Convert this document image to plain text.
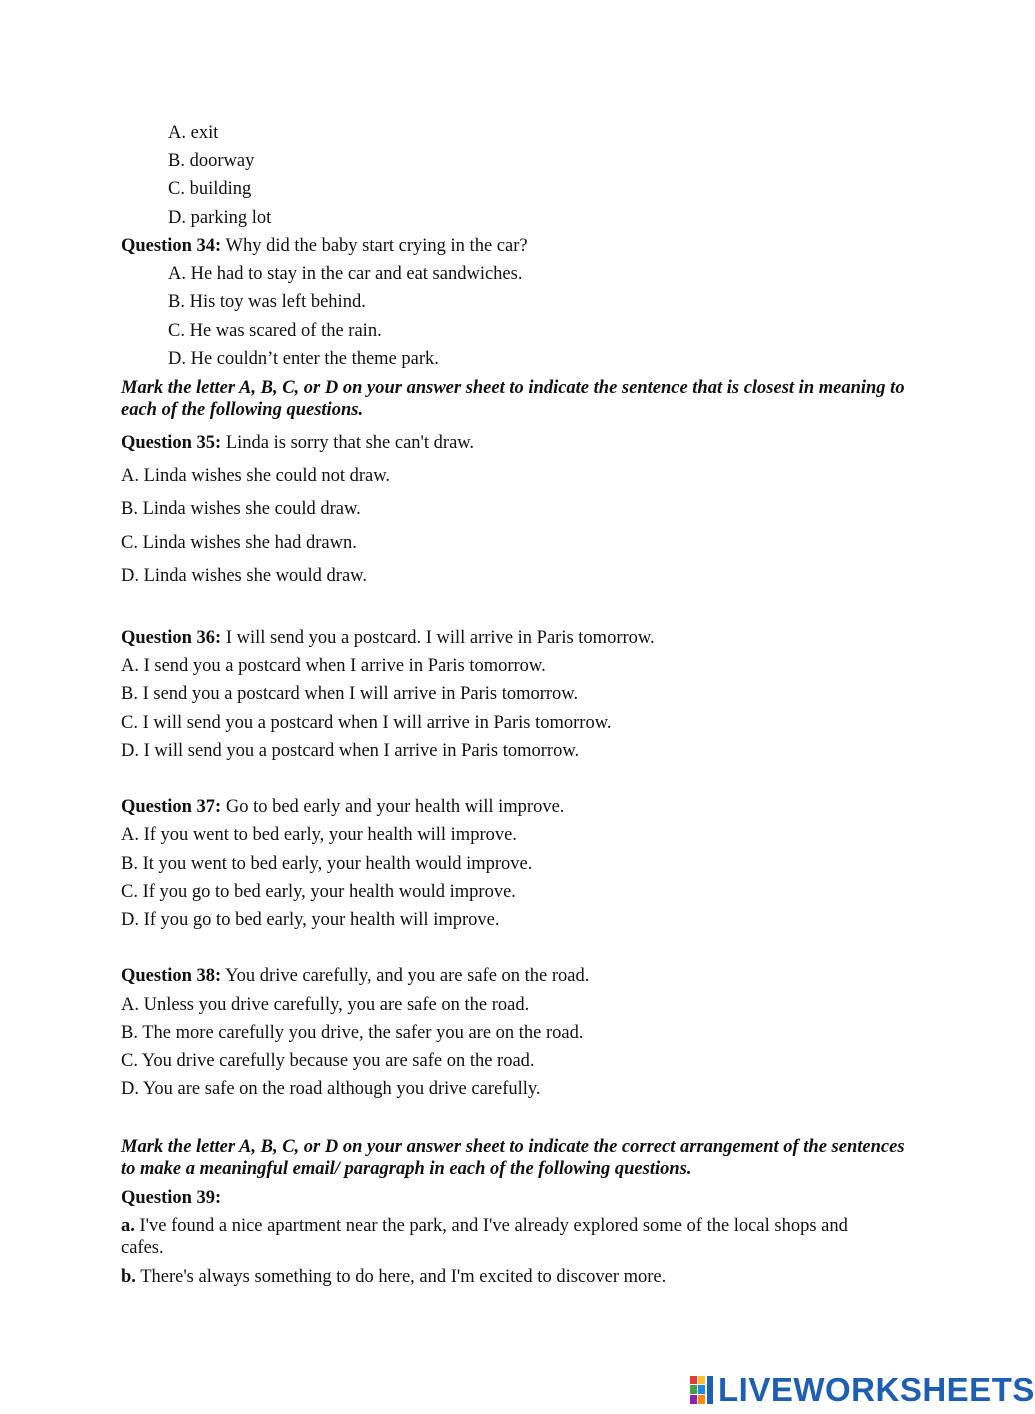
A. exit
B. doorway
C. building
D. parking lot
Question 34: Why did the baby start crying in the car?
A. He had to stay in the car and eat sandwiches.
B. His toy was left behind.
C. He was scared of the rain.
D. He couldn’t enter the theme park.
Mark the letter A, B, C, or D on your answer sheet to indicate the sentence that is closest in meaning to each of the following questions.
Question 35: Linda is sorry that she can't draw.
A. Linda wishes she could not draw.
B. Linda wishes she could draw.
C. Linda wishes she had drawn.
D. Linda wishes she would draw.
Question 36: I will send you a postcard. I will arrive in Paris tomorrow.
A. I send you a postcard when I arrive in Paris tomorrow.
B. I send you a postcard when I will arrive in Paris tomorrow.
C. I will send you a postcard when I will arrive in Paris tomorrow.
D. I will send you a postcard when I arrive in Paris tomorrow.
Question 37: Go to bed early and your health will improve.
A. If you went to bed early, your health will improve.
B. It you went to bed early, your health would improve.
C. If you go to bed early, your health would improve.
D. If you go to bed early, your health will improve.
Question 38: You drive carefully, and you are safe on the road.
A. Unless you drive carefully, you are safe on the road.
B. The more carefully you drive, the safer you are on the road.
C. You drive carefully because you are safe on the road.
D. You are safe on the road although you drive carefully.
Mark the letter A, B, C, or D on your answer sheet to indicate the correct arrangement of the sentences to make a meaningful email/ paragraph in each of the following questions.
Question 39:
a. I've found a nice apartment near the park, and I've already explored some of the local shops and cafes.
b. There's always something to do here, and I'm excited to discover more.
LIVEWORKSHEETS
